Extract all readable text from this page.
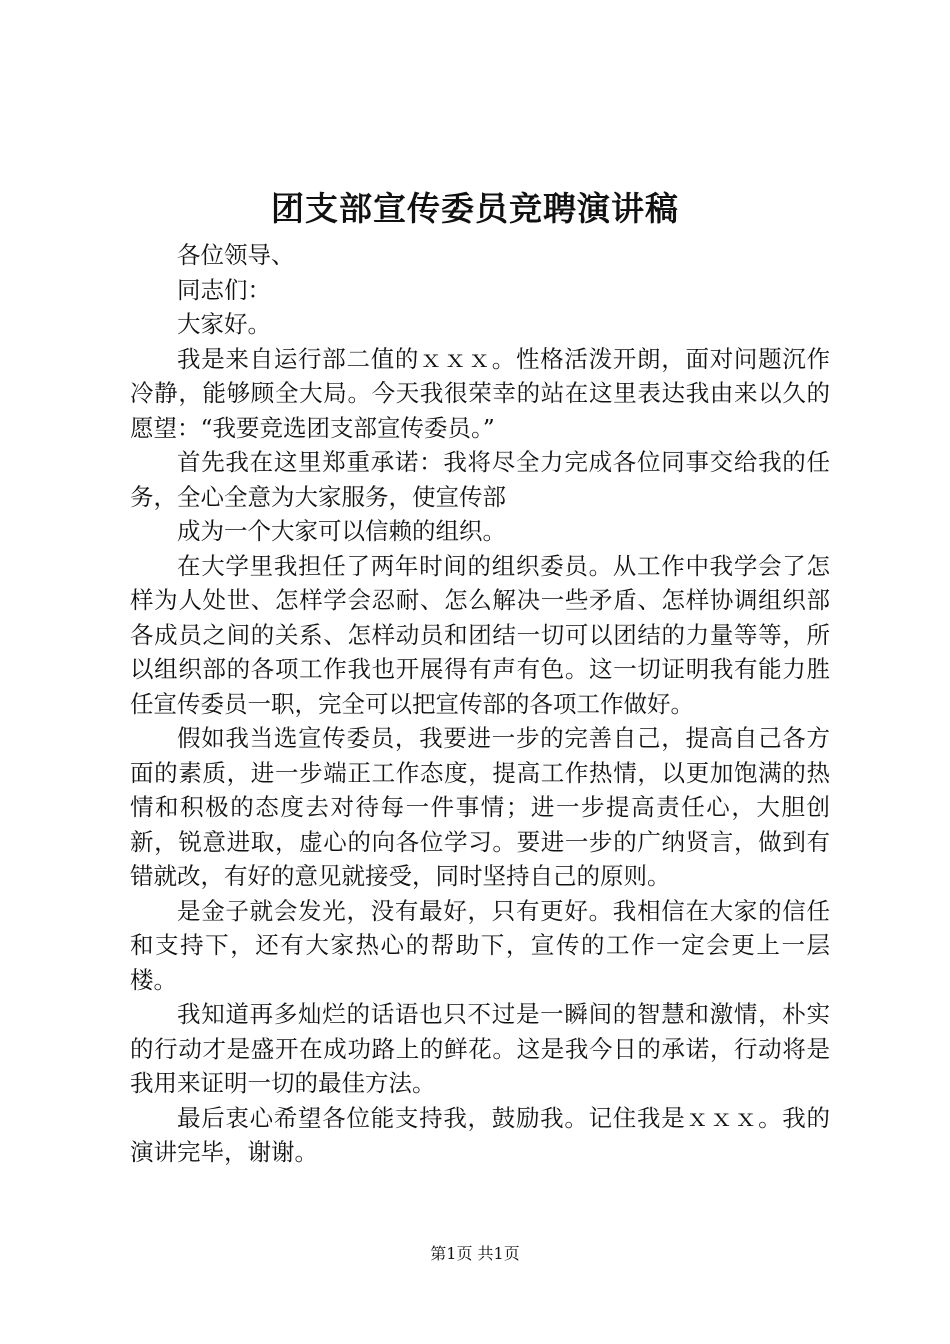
团支部宣传委员竞聘演讲稿

各位领导、

同志们：

大家好。

我是来自运行部二值的ｘｘｘ。性格活泼开朗，面对问题沉作冷静，能够顾全大局。今天我很荣幸的站在这里表达我由来以久的愿望：“我要竞选团支部宣传委员。”

首先我在这里郑重承诺：我将尽全力完成各位同事交给我的任务，全心全意为大家服务，使宣传部

成为一个大家可以信赖的组织。

在大学里我担任了两年时间的组织委员。从工作中我学会了怎样为人处世、怎样学会忍耐、怎么解决一些矛盾、怎样协调组织部各成员之间的关系、怎样动员和团结一切可以团结的力量等等，所以组织部的各项工作我也开展得有声有色。这一切证明我有能力胜任宣传委员一职，完全可以把宣传部的各项工作做好。

假如我当选宣传委员，我要进一步的完善自己，提高自己各方面的素质，进一步端正工作态度，提高工作热情，以更加饱满的热情和积极的态度去对待每一件事情；进一步提高责任心，大胆创新，锐意进取，虚心的向各位学习。要进一步的广纳贤言，做到有错就改，有好的意见就接受，同时坚持自己的原则。

是金子就会发光，没有最好，只有更好。我相信在大家的信任和支持下，还有大家热心的帮助下，宣传的工作一定会更上一层楼。

我知道再多灿烂的话语也只不过是一瞬间的智慧和激情，朴实的行动才是盛开在成功路上的鲜花。这是我今日的承诺，行动将是我用来证明一切的最佳方法。

最后衷心希望各位能支持我，鼓励我。记住我是ｘｘｘ。我的演讲完毕，谢谢。

第1页 共1页
